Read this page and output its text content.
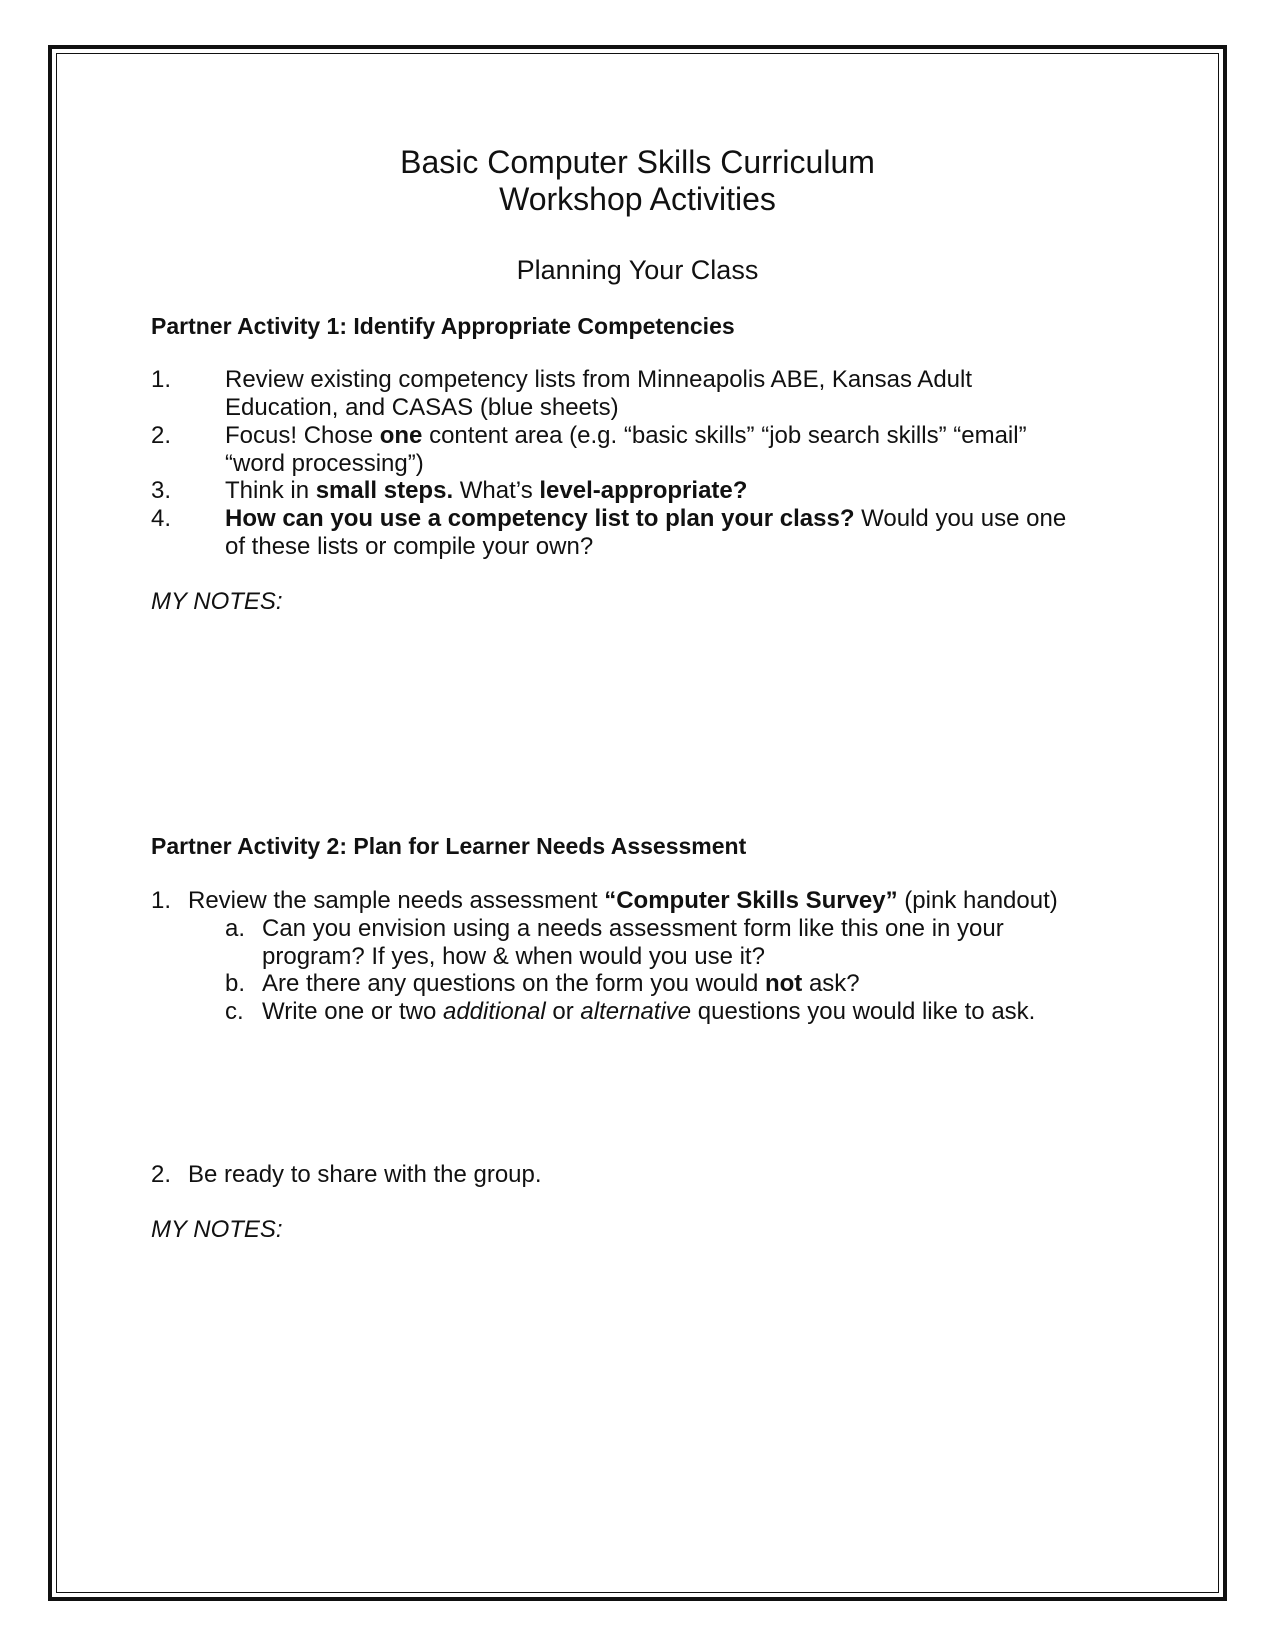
Basic Computer Skills Curriculum
Workshop Activities
Planning Your Class
Partner Activity 1: Identify Appropriate Competencies
1. Review existing competency lists from Minneapolis ABE, Kansas Adult
Education, and CASAS (blue sheets)
2. Focus! Chose one content area (e.g. “basic skills” “job search skills” “email”
“word processing”)
3. Think in small steps. What’s level-appropriate?
4. How can you use a competency list to plan your class? Would you use one
of these lists or compile your own?
MY NOTES:
Partner Activity 2: Plan for Learner Needs Assessment
1. Review the sample needs assessment “Computer Skills Survey” (pink handout)
a. Can you envision using a needs assessment form like this one in your
program? If yes, how & when would you use it?
b. Are there any questions on the form you would not ask?
c. Write one or two additional or alternative questions you would like to ask.
2. Be ready to share with the group.
MY NOTES:
